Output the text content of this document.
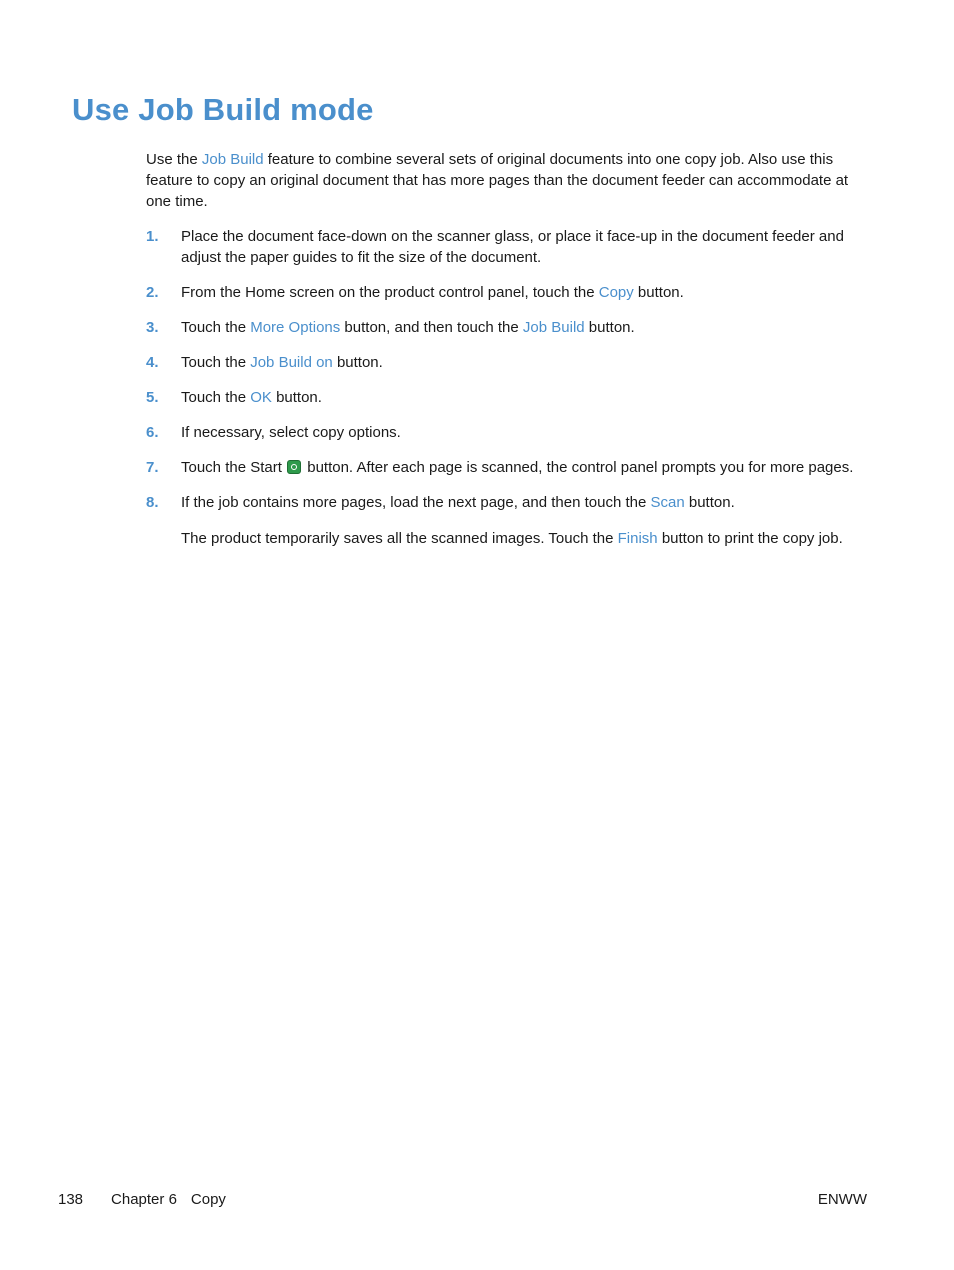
Use Job Build mode

Use the Job Build feature to combine several sets of original documents into one copy job. Also use this feature to copy an original document that has more pages than the document feeder can accommodate at one time.

1. Place the document face-down on the scanner glass, or place it face-up in the document feeder and adjust the paper guides to fit the size of the document.
2. From the Home screen on the product control panel, touch the Copy button.
3. Touch the More Options button, and then touch the Job Build button.
4. Touch the Job Build on button.
5. Touch the OK button.
6. If necessary, select copy options.
7. Touch the Start  button. After each page is scanned, the control panel prompts you for more pages.
8. If the job contains more pages, load the next page, and then touch the Scan button.

The product temporarily saves all the scanned images. Touch the Finish button to print the copy job.

138 Chapter 6 Copy	ENWW
